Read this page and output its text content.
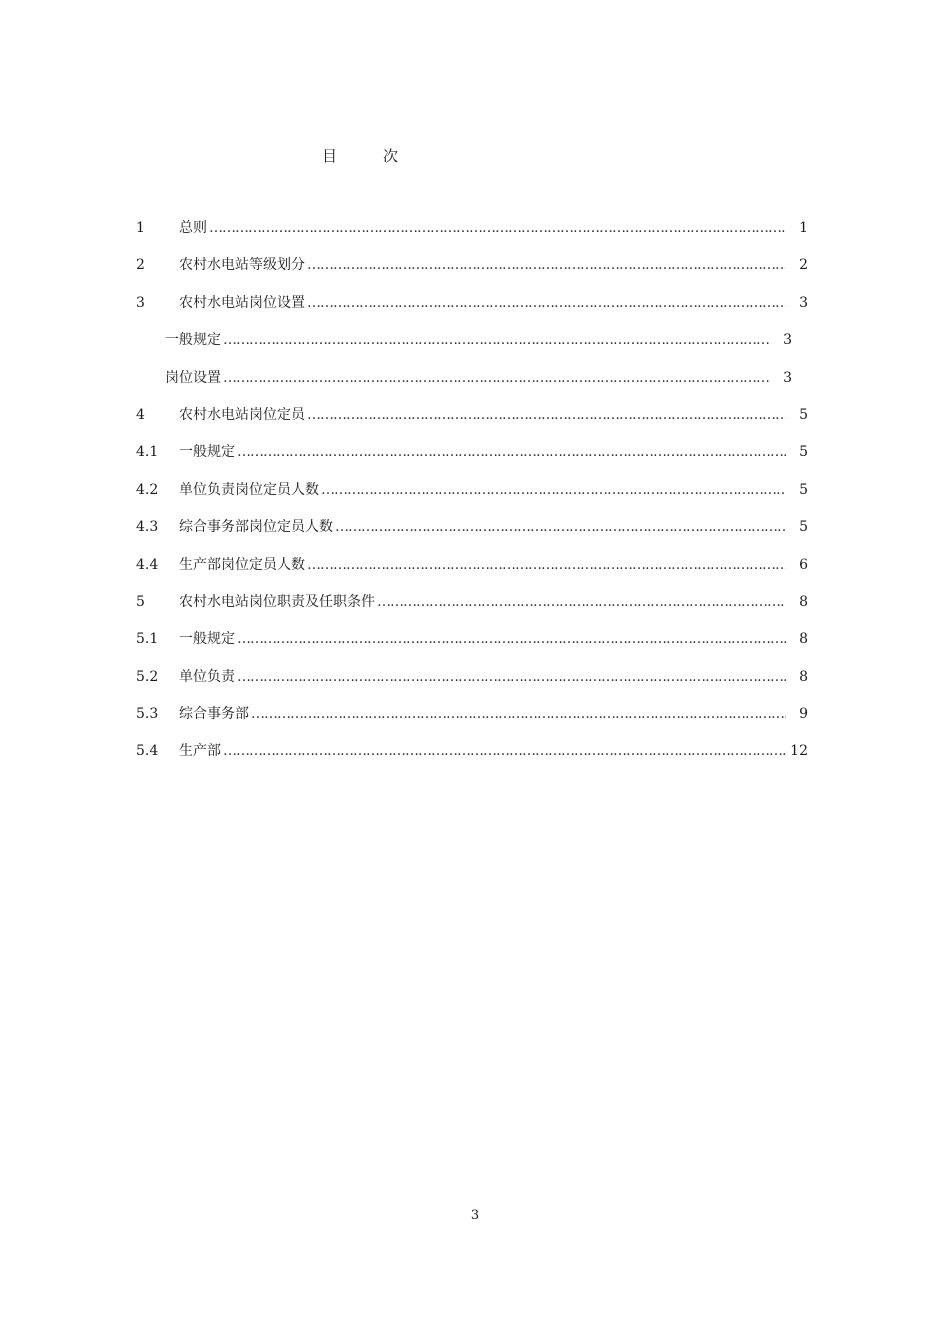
目	次
1	总则 ………………………………………………………………………………………………………………………………………………………………………………………………………………………………………………………………………………………………………………………………	1
2	农村水电站等级划分 ………………………………………………………………………………………………………………………………………………………………………………………………………………………………………………………………………………………………………………………………	2
3	农村水电站岗位设置 ………………………………………………………………………………………………………………………………………………………………………………………………………………………………………………………………………………………………………………………………	3
一般规定 ………………………………………………………………………………………………………………………………………………………………………………………………………………………………………………………………………………………………………………………………	3
岗位设置 ………………………………………………………………………………………………………………………………………………………………………………………………………………………………………………………………………………………………………………………………	3
4	农村水电站岗位定员 ………………………………………………………………………………………………………………………………………………………………………………………………………………………………………………………………………………………………………………………………	5
4.1	一般规定 ………………………………………………………………………………………………………………………………………………………………………………………………………………………………………………………………………………………………………………………………	5
4.2	单位负责岗位定员人数 ………………………………………………………………………………………………………………………………………………………………………………………………………………………………………………………………………………………………………………………………	5
4.3	综合事务部岗位定员人数 ………………………………………………………………………………………………………………………………………………………………………………………………………………………………………………………………………………………………………………………………	5
4.4	生产部岗位定员人数 ………………………………………………………………………………………………………………………………………………………………………………………………………………………………………………………………………………………………………………………………	6
5	农村水电站岗位职责及任职条件 ………………………………………………………………………………………………………………………………………………………………………………………………………………………………………………………………………………………………………………………………	8
5.1	一般规定 ………………………………………………………………………………………………………………………………………………………………………………………………………………………………………………………………………………………………………………………………	8
5.2	单位负责 ………………………………………………………………………………………………………………………………………………………………………………………………………………………………………………………………………………………………………………………………	8
5.3	综合事务部 ………………………………………………………………………………………………………………………………………………………………………………………………………………………………………………………………………………………………………………………………	9
5.4	生产部 ………………………………………………………………………………………………………………………………………………………………………………………………………………………………………………………………………………………………………………………………	12
3
